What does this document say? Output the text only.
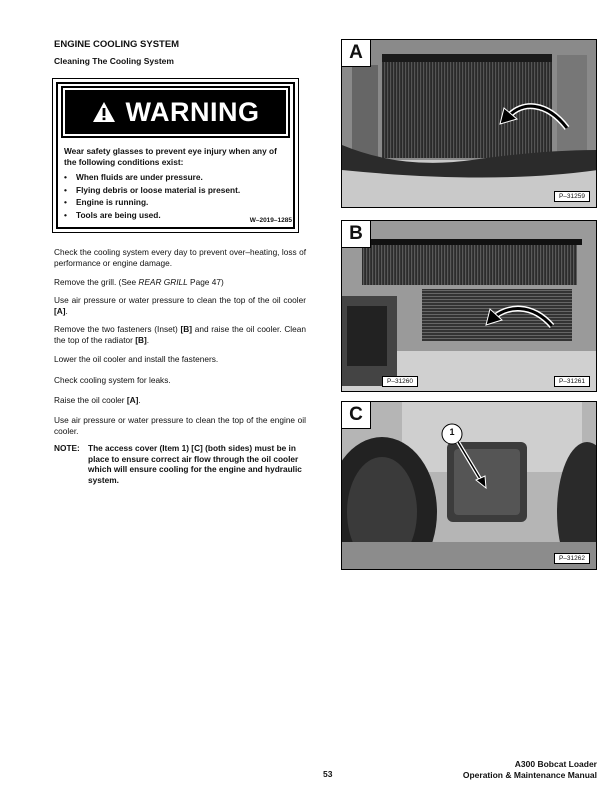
ENGINE COOLING SYSTEM
Cleaning The Cooling System
WARNING
Wear safety glasses to prevent eye injury when any of the following conditions exist:
• When fluids are under pressure.
• Flying debris or loose material is present.
• Engine is running.
• Tools are being used.
W–2019–1285
Check the cooling system every day to prevent over–heating, loss of performance or engine damage.
Remove the grill. (See REAR GRILL Page 47)
Use air pressure or water pressure to clean the top of the oil cooler [A].
Remove the two fasteners (Inset) [B] and raise the oil cooler. Clean the top of the radiator [B].
Lower the oil cooler and install the fasteners.
Check cooling system for leaks.
Raise the oil cooler [A].
Use air pressure or water pressure to clean the top of the engine oil cooler.
NOTE: The access cover (Item 1) [C] (both sides) must be in place to ensure correct air flow through the oil cooler which will ensure cooling for the engine and hydraulic system.
A
P–31259
B
P–31260	P–31261
1
C
P–31262
53
A300 Bobcat Loader
Operation & Maintenance Manual
